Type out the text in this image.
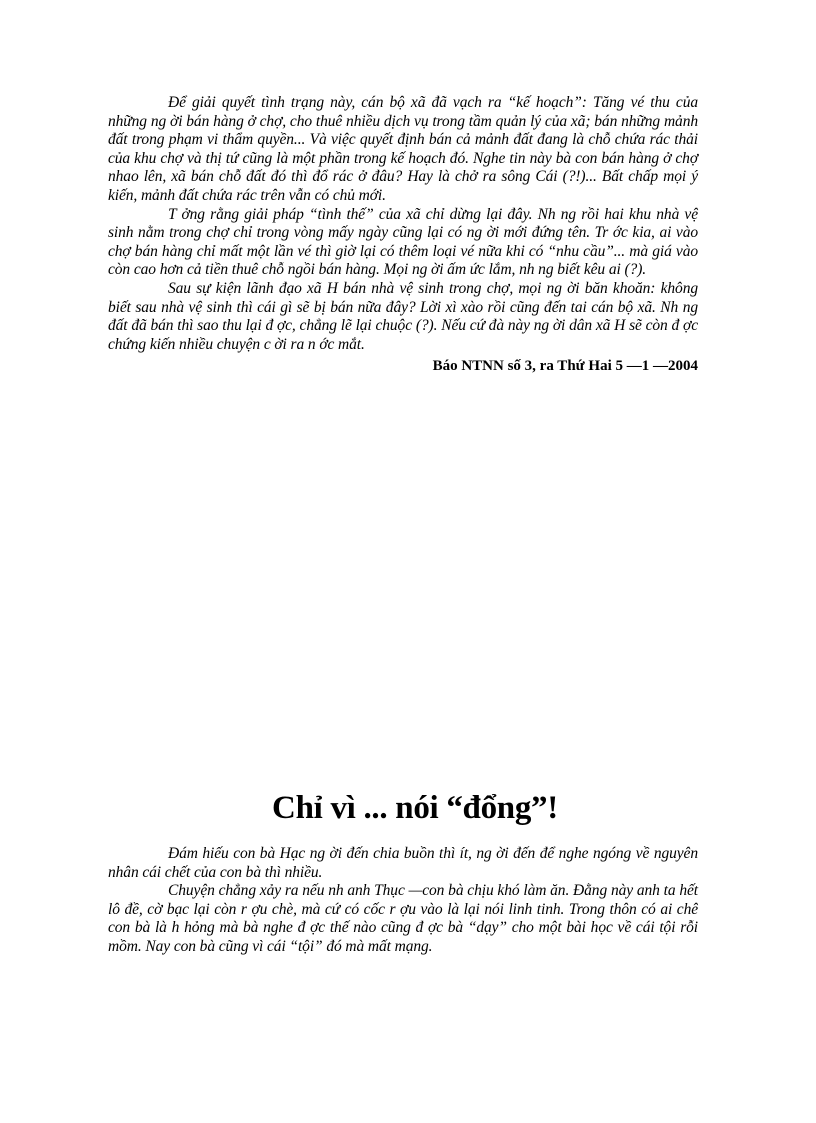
Để giải quyết tình trạng này, cán bộ xã đã vạch ra “kế hoạch”: Tăng vé thu của những ng ời bán hàng ở chợ, cho thuê nhiều dịch vụ trong tầm quản lý của xã; bán những mảnh đất trong phạm vi thẩm quyền... Và việc quyết định bán cả mảnh đất đang là chỗ chứa rác thải của khu chợ và thị tứ cũng là một phần trong kế hoạch đó. Nghe tin này bà con bán hàng ở chợ nhao lên, xã bán chỗ đất đó thì đổ rác ở đâu? Hay là chở ra sông Cái (?!)... Bất chấp mọi ý kiến, mảnh đất chứa rác trên vẫn có chủ mới.

T ởng rằng giải pháp “tình thế” của xã chỉ dừng lại đây. Nh ng rồi hai khu nhà vệ sinh nằm trong chợ chỉ trong vòng mấy ngày cũng lại có ng ời mới đứng tên. Tr ớc kia, ai vào chợ bán hàng chỉ mất một lần vé thì giờ lại có thêm loại vé nữa khi có “nhu cầu”... mà giá vào còn cao hơn cả tiền thuê chỗ ngồi bán hàng. Mọi ng ời ấm ức lắm, nh ng biết kêu ai (?).

Sau sự kiện lãnh đạo xã H bán nhà vệ sinh trong chợ, mọi ng ời băn khoăn: không biết sau nhà vệ sinh thì cái gì sẽ bị bán nữa đây? Lời xì xào rồi cũng đến tai cán bộ xã. Nh ng đất đã bán thì sao thu lại đ ợc, chẳng lẽ lại chuộc (?). Nếu cứ đà này ng ời dân xã H sẽ còn đ ợc chứng kiến nhiều chuyện c ời ra n ớc mắt.

Báo NTNN số 3, ra Thứ Hai 5 —1 —2004

Chỉ vì ... nói “đổng”!

Đám hiếu con bà Hạc ng ời đến chia buồn thì ít, ng ời đến để nghe ngóng về nguyên nhân cái chết của con bà thì nhiều.

Chuyện chẳng xảy ra nếu nh anh Thục —con bà chịu khó làm ăn. Đằng này anh ta hết lô đề, cờ bạc lại còn r ợu chè, mà cứ có cốc r ợu vào là lại nói linh tinh. Trong thôn có ai chê con bà là h hỏng mà bà nghe đ ợc thế nào cũng đ ợc bà “dạy” cho một bài học về cái tội rỗi mồm. Nay con bà cũng vì cái “tội” đó mà mất mạng.
